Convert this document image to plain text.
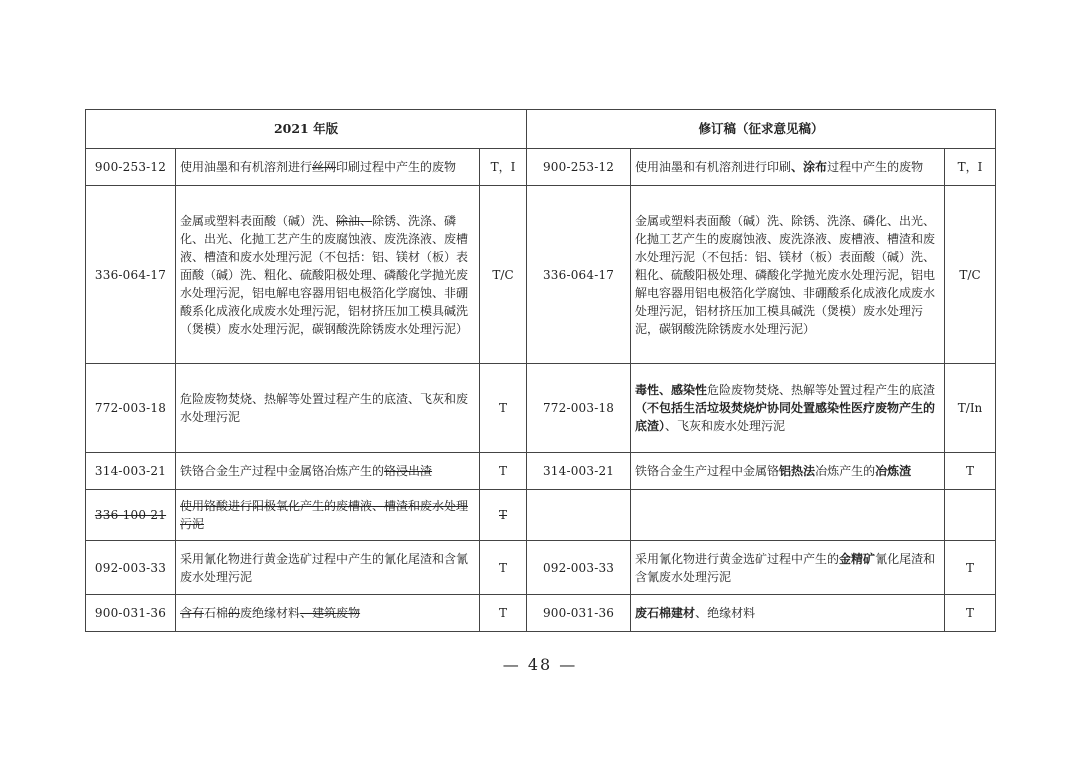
2021 年版			修订稿（征求意见稿）		
900-253-12	使用油墨和有机溶剂进行丝网印刷过程中产生的废物	T，I	900-253-12	使用油墨和有机溶剂进行印刷、涂布过程中产生的废物	T，I
336-064-17	金属或塑料表面酸（碱）洗、除油、除锈、洗涤、磷化、出光、化抛工艺产生的废腐蚀液、废洗涤液、废槽液、槽渣和废水处理污泥（不包括：铝、镁材（板）表面酸（碱）洗、粗化、硫酸阳极处理、磷酸化学抛光废水处理污泥，铝电解电容器用铝电极箔化学腐蚀、非硼酸系化成液化成废水处理污泥，铝材挤压加工模具碱洗（煲模）废水处理污泥，碳钢酸洗除锈废水处理污泥）	T/C	336-064-17	金属或塑料表面酸（碱）洗、除锈、洗涤、磷化、出光、化抛工艺产生的废腐蚀液、废洗涤液、废槽液、槽渣和废水处理污泥（不包括：铝、镁材（板）表面酸（碱）洗、粗化、硫酸阳极处理、磷酸化学抛光废水处理污泥，铝电解电容器用铝电极箔化学腐蚀、非硼酸系化成液化成废水处理污泥，铝材挤压加工模具碱洗（煲模）废水处理污泥，碳钢酸洗除锈废水处理污泥）	T/C
772-003-18	危险废物焚烧、热解等处置过程产生的底渣、飞灰和废水处理污泥	T	772-003-18	毒性、感染性危险废物焚烧、热解等处置过程产生的底渣（不包括生活垃圾焚烧炉协同处置感染性医疗废物产生的底渣）、飞灰和废水处理污泥	T/In
314-003-21	铁铬合金生产过程中金属铬冶炼产生的铬浸出渣	T	314-003-21	铁铬合金生产过程中金属铬铝热法冶炼产生的冶炼渣	T
336-100-21	使用铬酸进行阳极氧化产生的废槽液、槽渣和废水处理污泥	T			
092-003-33	采用氰化物进行黄金选矿过程中产生的氰化尾渣和含氰废水处理污泥	T	092-003-33	采用氰化物进行黄金选矿过程中产生的金精矿氰化尾渣和含氰废水处理污泥	T
900-031-36	含有石棉的废绝缘材料、建筑废物	T	900-031-36	废石棉建材、绝缘材料	T
— 48 —
